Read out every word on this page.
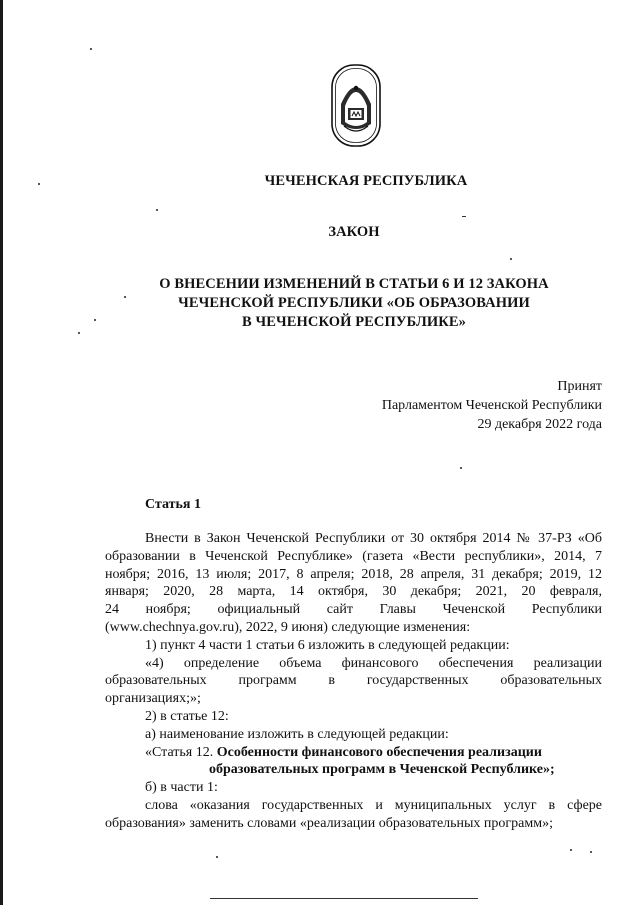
ЧЕЧЕНСКАЯ РЕСПУБЛИКА
ЗАКОН
О ВНЕСЕНИИ ИЗМЕНЕНИЙ В СТАТЬИ 6 И 12 ЗАКОНА
ЧЕЧЕНСКОЙ РЕСПУБЛИКИ «ОБ ОБРАЗОВАНИИ
В ЧЕЧЕНСКОЙ РЕСПУБЛИКЕ»
Принят
Парламентом Чеченской Республики
29 декабря 2022 года
Статья 1

Внести в Закон Чеченской Республики от 30 октября 2014 № 37-РЗ «Об образовании в Чеченской Республике» (газета «Вести республики», 2014, 7 ноября; 2016, 13 июля; 2017, 8 апреля; 2018, 28 апреля, 31 декабря; 2019, 12 января; 2020, 28 марта, 14 октября, 30 декабря; 2021, 20 февраля,

24 ноября; официальный сайт Главы Чеченской Республики

(www.chechnya.gov.ru), 2022, 9 июня) следующие изменения:

1) пункт 4 части 1 статьи 6 изложить в следующей редакции:

«4) определение объема финансового обеспечения реализации

образовательных программ в государственных образовательных

организациях;»;

2) в статье 12:

а) наименование изложить в следующей редакции:

«Статья 12. Особенности финансового обеспечения реализации

образовательных программ в Чеченской Республике»;

б) в части 1:

слова «оказания государственных и муниципальных услуг в сфере образования» заменить словами «реализации образовательных программ»;
